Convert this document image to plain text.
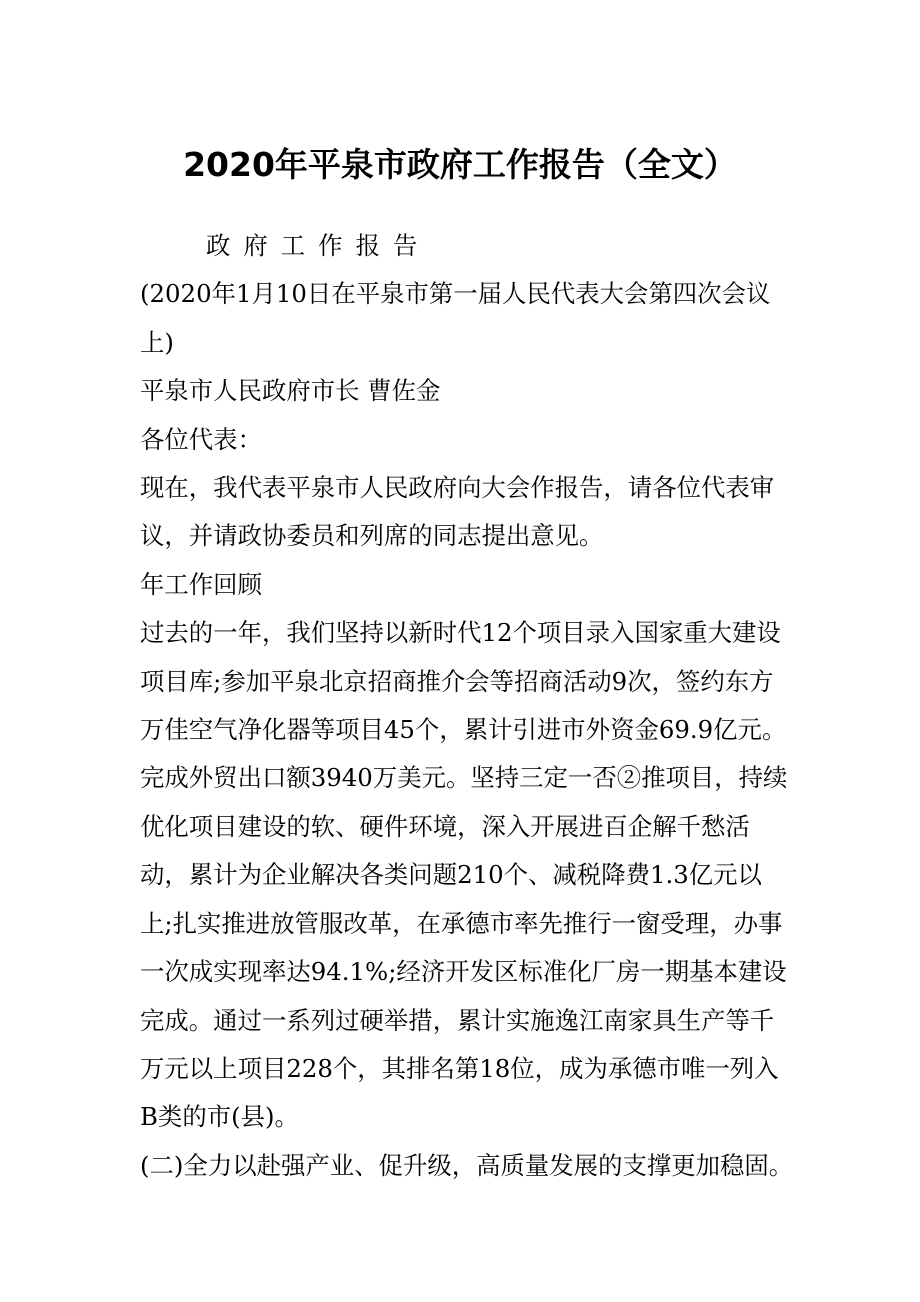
2020年平泉市政府工作报告（全文）

政府工作报告

(2020年1月10日在平泉市第一届人民代表大会第四次会议上)

平泉市人民政府市长 曹佐金

各位代表：

现在，我代表平泉市人民政府向大会作报告，请各位代表审议，并请政协委员和列席的同志提出意见。

年工作回顾

过去的一年，我们坚持以新时代12个项目录入国家重大建设项目库;参加平泉北京招商推介会等招商活动9次，签约东方万佳空气净化器等项目45个，累计引进市外资金69.9亿元。完成外贸出口额3940万美元。坚持三定一否②推项目，持续优化项目建设的软、硬件环境，深入开展进百企解千愁活动，累计为企业解决各类问题210个、减税降费1.3亿元以上;扎实推进放管服改革，在承德市率先推行一窗受理，办事一次成实现率达94.1%;经济开发区标准化厂房一期基本建设完成。通过一系列过硬举措，累计实施逸江南家具生产等千万元以上项目228个，其排名第18位，成为承德市唯一列入B类的市(县)。

(二)全力以赴强产业、促升级，高质量发展的支撑更加稳固。
